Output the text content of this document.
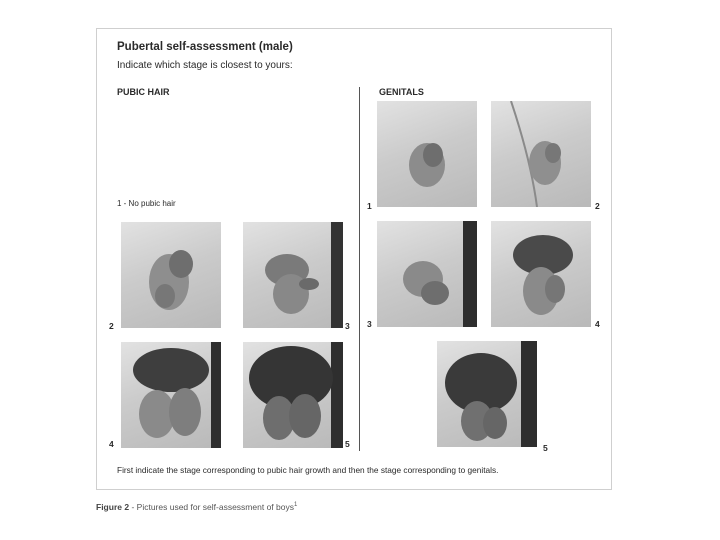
Pubertal self-assessment (male)
Indicate which stage is closest to yours:
PUBIC HAIR	GENITALS
1 - No pubic hair
2	3
4	5
1	2
3	4
5
First indicate the stage corresponding to pubic hair growth and then the stage corresponding to genitals.
Figure 2 - Pictures used for self-assessment of boys$^1$
